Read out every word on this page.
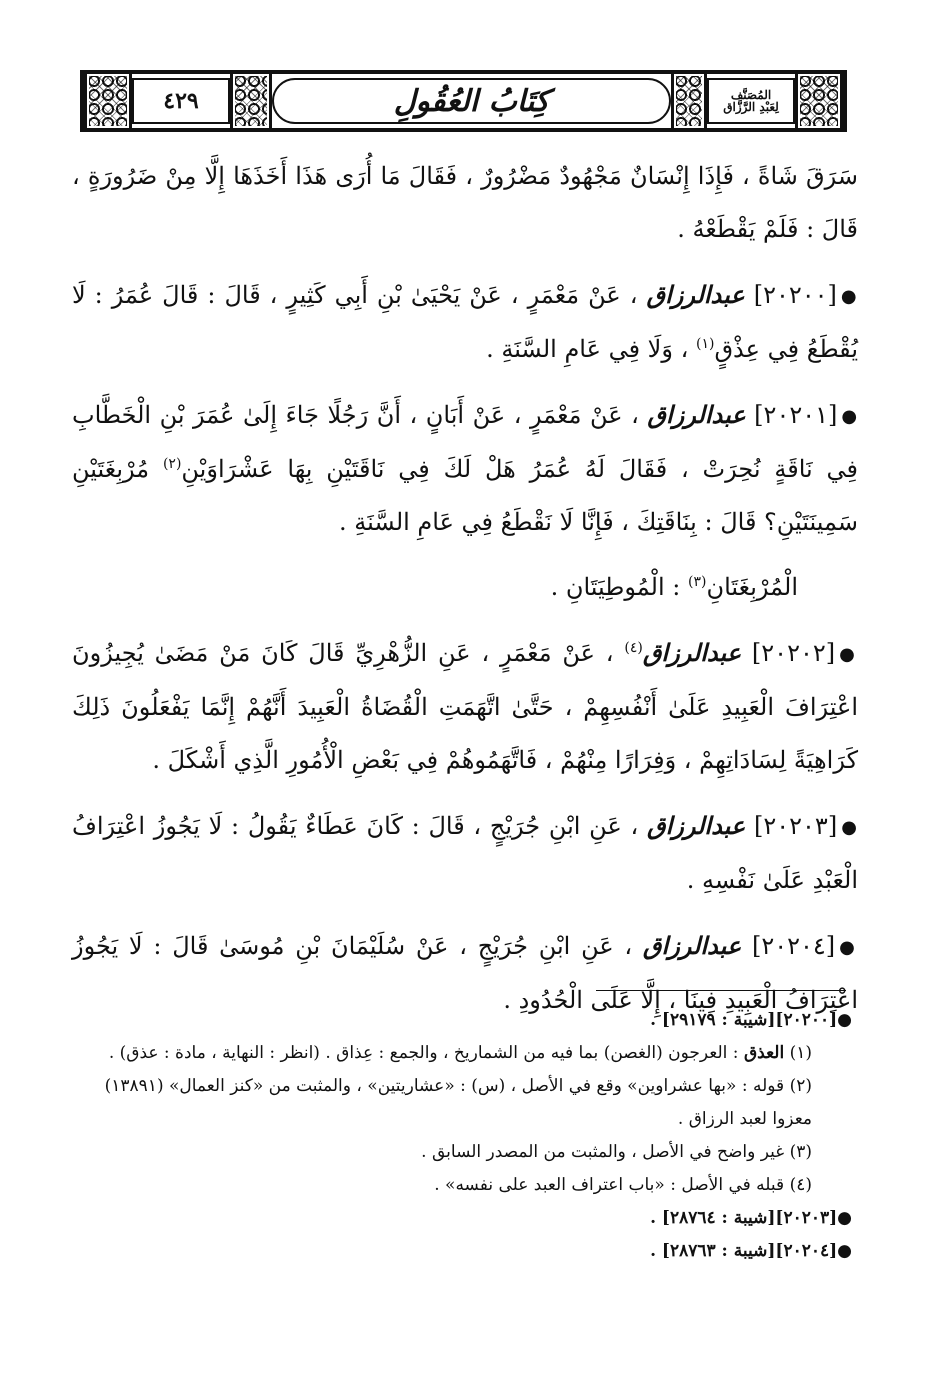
٤٢٩	كِتَابُ العُقُولِ	المُصَنَّف
لِعَبْدِ الرَّزَّاق

سَرَقَ شَاةً ، فَإِذَا إِنْسَانٌ مَجْهُودٌ مَضْرُورٌ ، فَقَالَ مَا أُرَى هَذَا أَخَذَهَا إِلَّا مِنْ ضَرُورَةٍ ، قَالَ : فَلَمْ يَقْطَعْهُ .

●[٢٠٢٠٠] عبدالرزاق ، عَنْ مَعْمَرٍ ، عَنْ يَحْيَىٰ بْنِ أَبِي كَثِيرٍ ، قَالَ : قَالَ عُمَرُ : لَا يُقْطَعُ فِي عِذْقٍ$^{(١)}$ ، وَلَا فِي عَامِ السَّنَةِ .

●[٢٠٢٠١] عبدالرزاق ، عَنْ مَعْمَرٍ ، عَنْ أَبَانٍ ، أَنَّ رَجُلًا جَاءَ إِلَىٰ عُمَرَ بْنِ الْخَطَّابِ فِي نَاقَةٍ نُحِرَتْ ، فَقَالَ لَهُ عُمَرُ هَلْ لَكَ فِي نَاقَتَيْنِ بِهَا عَشْرَاوَيْنِ$^{(٢)}$ مُرْبِغَتَيْنِ سَمِينَتَيْنِ؟ قَالَ : بِنَاقَتِكَ ، فَإِنَّا لَا نَقْطَعُ فِي عَامِ السَّنَةِ .

الْمُرْبِغَتَانِ$^{(٣)}$ : الْمُوطِيَتَانِ .

●[٢٠٢٠٢] عبدالرزاق$^{(٤)}$ ، عَنْ مَعْمَرٍ ، عَنِ الزُّهْرِيِّ قَالَ كَانَ مَنْ مَضَىٰ يُجِيزُونَ اعْتِرَافَ الْعَبِيدِ عَلَىٰ أَنْفُسِهِمْ ، حَتَّىٰ اتَّهَمَتِ الْقُضَاةُ الْعَبِيدَ أَنَّهُمْ إِنَّمَا يَفْعَلُونَ ذَلِكَ كَرَاهِيَةً لِسَادَاتِهِمْ ، وَفِرَارًا مِنْهُمْ ، فَاتَّهَمُوهُمْ فِي بَعْضِ الْأُمُورِ الَّذِي أَشْكَلَ .

●[٢٠٢٠٣] عبدالرزاق ، عَنِ ابْنِ جُرَيْجٍ ، قَالَ : كَانَ عَطَاءٌ يَقُولُ : لَا يَجُوزُ اعْتِرَافُ الْعَبْدِ عَلَىٰ نَفْسِهِ .

●[٢٠٢٠٤] عبدالرزاق ، عَنِ ابْنِ جُرَيْجٍ ، عَنْ سُلَيْمَانَ بْنِ مُوسَىٰ قَالَ : لَا يَجُوزُ اعْتِرَافُ الْعَبِيدِ فِينَا ، إِلَّا عَلَى الْحُدُودِ .

●[٢٠٢٠٠][شيبة : ٢٩١٧٩] .

(١) العذق : العرجون (الغصن) بما فيه من الشماريخ ، والجمع : عِذاق . (انظر : النهاية ، مادة : عذق) .

(٢) قوله : «بها عشراوين» وقع في الأصل ، (س) : «عشاريتين» ، والمثبت من «كنز العمال» (١٣٨٩١) معزوا لعبد الرزاق .

(٣) غير واضح في الأصل ، والمثبت من المصدر السابق .

(٤) قبله في الأصل : «باب اعتراف العبد على نفسه» .

●[٢٠٢٠٣][شيبة : ٢٨٧٦٤] .

●[٢٠٢٠٤][شيبة : ٢٨٧٦٣] .
